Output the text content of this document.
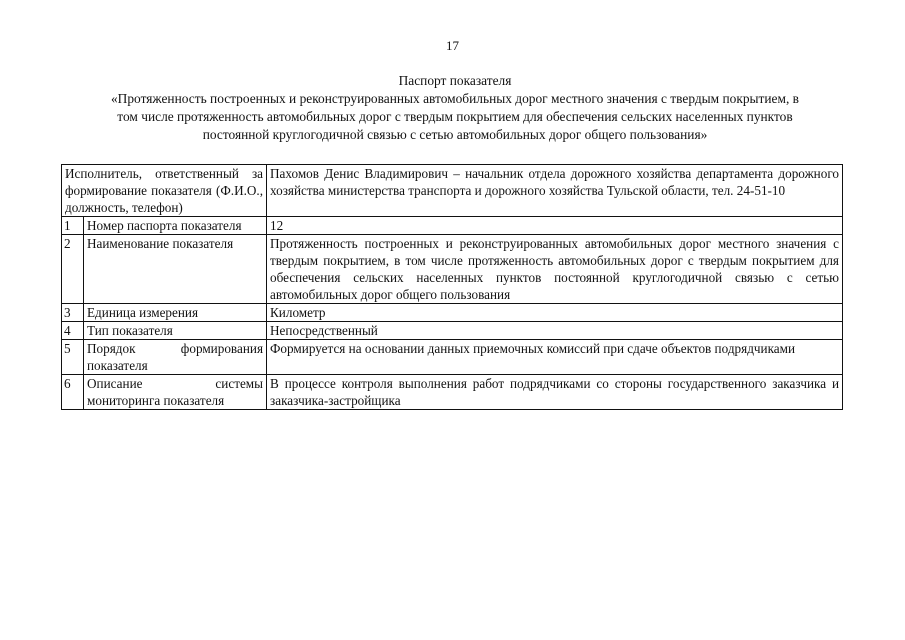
17
Паспорт показателя
«Протяженность построенных и реконструированных автомобильных дорог местного значения с твердым покрытием, в
том числе протяженность автомобильных дорог с твердым покрытием для обеспечения сельских населенных пунктов
постоянной круглогодичной связью с сетью автомобильных дорог общего пользования»
Исполнитель, ответственный за формирование показателя (Ф.И.О., должность, телефон)		Пахомов Денис Владимирович – начальник отдела дорожного хозяйства департамента дорожного хозяйства министерства транспорта и дорожного хозяйства Тульской области, тел. 24-51-10
1	Номер паспорта показателя	12
2	Наименование показателя	Протяженность построенных и реконструированных автомобильных дорог местного значения с твердым покрытием, в том числе протяженность автомобильных дорог с твердым покрытием для обеспечения сельских населенных пунктов постоянной круглогодичной связью с сетью автомобильных дорог общего пользования
3	Единица измерения	Километр
4	Тип показателя	Непосредственный
5	Порядок формирования показателя	Формируется на основании данных приемочных комиссий при сдаче объектов подрядчиками
6	Описание системы мониторинга показателя	В процессе контроля выполнения работ подрядчиками со стороны государственного заказчика и заказчика-застройщика
